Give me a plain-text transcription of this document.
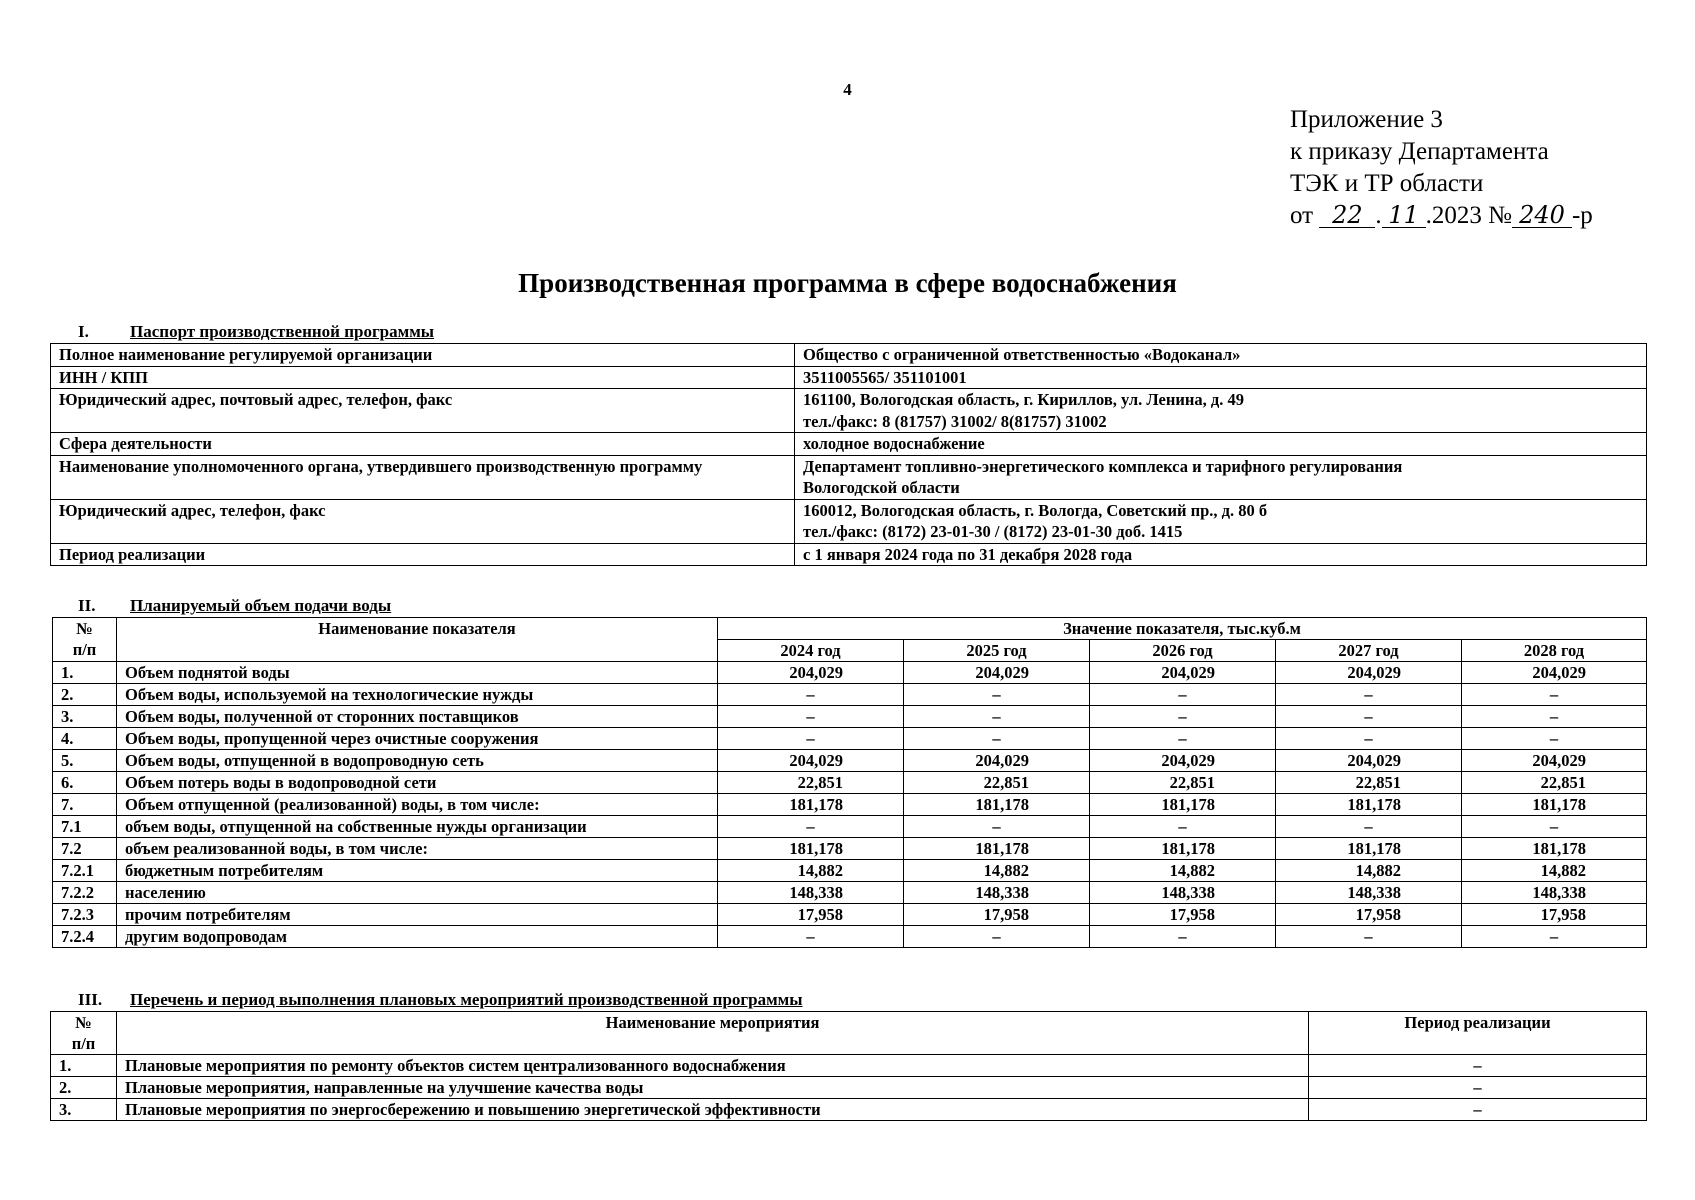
4
Приложение 3
к приказу Департамента
ТЭК и ТР области
от 22 . 11 .2023 № 240 -р
Производственная программа в сфере водоснабжения
I. Паспорт производственной программы
Полное наименование регулируемой организации	Общество с ограниченной ответственностью «Водоканал»
ИНН / КПП	3511005565/ 351101001
Юридический адрес, почтовый адрес, телефон, факс	161100, Вологодская область, г. Кириллов, ул. Ленина, д. 49
тел./факс: 8 (81757) 31002/ 8(81757) 31002

Сфера деятельности	холодное водоснабжение
Наименование уполномоченного органа, утвердившего производственную программу	Департамент топливно-энергетического комплекса и тарифного регулирования
Вологодской области

Юридический адрес, телефон, факс	160012, Вологодская область, г. Вологда, Советский пр., д. 80 б
тел./факс: (8172) 23-01-30 / (8172) 23-01-30 доб. 1415

Период реализации	с 1 января 2024 года по 31 декабря 2028 года
II. Планируемый объем подачи воды
№
п/п	Наименование показателя	Значение показателя, тыс.куб.м				
		2024 год	2025 год	2026 год	2027 год	2028 год
1.	Объем поднятой воды	204,029	204,029	204,029	204,029	204,029
2.	Объем воды, используемой на технологические нужды	–	–	–	–	–
3.	Объем воды, полученной от сторонних поставщиков	–	–	–	–	–
4.	Объем воды, пропущенной через очистные сооружения	–	–	–	–	–
5.	Объем воды, отпущенной в водопроводную сеть	204,029	204,029	204,029	204,029	204,029
6.	Объем потерь воды в водопроводной сети	22,851	22,851	22,851	22,851	22,851
7.	Объем отпущенной (реализованной) воды, в том числе:	181,178	181,178	181,178	181,178	181,178
7.1	объем воды, отпущенной на собственные нужды организации	–	–	–	–	–
7.2	объем реализованной воды, в том числе:	181,178	181,178	181,178	181,178	181,178
7.2.1	бюджетным потребителям	14,882	14,882	14,882	14,882	14,882
7.2.2	населению	148,338	148,338	148,338	148,338	148,338
7.2.3	прочим потребителям	17,958	17,958	17,958	17,958	17,958
7.2.4	другим водопроводам	–	–	–	–	–
III. Перечень и период выполнения плановых мероприятий производственной программы
№
п/п	Наименование мероприятия	Период реализации
1.	Плановые мероприятия по ремонту объектов систем централизованного водоснабжения	–
2.	Плановые мероприятия, направленные на улучшение качества воды	–
3.	Плановые мероприятия по энергосбережению и повышению энергетической эффективности	–
